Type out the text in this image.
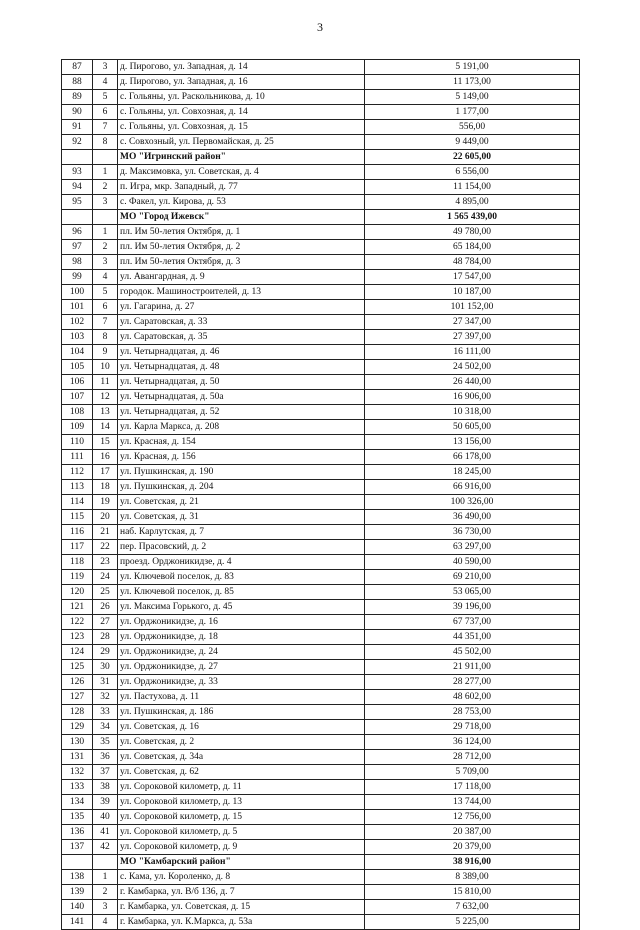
3
87	3	д. Пирогово, ул. Западная, д. 14	5 191,00
88	4	д. Пирогово, ул. Западная, д. 16	11 173,00
89	5	с. Гольяны, ул. Раскольникова, д. 10	5 149,00
90	6	с. Гольяны, ул. Совхозная, д. 14	1 177,00
91	7	с. Гольяны, ул. Совхозная, д. 15	556,00
92	8	с. Совхозный, ул. Первомайская, д. 25	9 449,00
		МО "Игринский район"	22 605,00
93	1	д. Максимовка, ул. Советская, д. 4	6 556,00
94	2	п. Игра, мкр. Западный, д. 77	11 154,00
95	3	с. Факел, ул. Кирова, д. 53	4 895,00
		МО "Город Ижевск"	1 565 439,00
96	1	пл. Им 50-летия Октября, д. 1	49 780,00
97	2	пл. Им 50-летия Октября, д. 2	65 184,00
98	3	пл. Им 50-летия Октября, д. 3	48 784,00
99	4	ул. Авангардная, д. 9	17 547,00
100	5	городок. Машиностроителей, д. 13	10 187,00
101	6	ул. Гагарина, д. 27	101 152,00
102	7	ул. Саратовская, д. 33	27 347,00
103	8	ул. Саратовская, д. 35	27 397,00
104	9	ул. Четырнадцатая, д. 46	16 111,00
105	10	ул. Четырнадцатая, д. 48	24 502,00
106	11	ул. Четырнадцатая, д. 50	26 440,00
107	12	ул. Четырнадцатая, д. 50а	16 906,00
108	13	ул. Четырнадцатая, д. 52	10 318,00
109	14	ул. Карла Маркса, д. 208	50 605,00
110	15	ул. Красная, д. 154	13 156,00
111	16	ул. Красная, д. 156	66 178,00
112	17	ул. Пушкинская, д. 190	18 245,00
113	18	ул. Пушкинская, д. 204	66 916,00
114	19	ул. Советская, д. 21	100 326,00
115	20	ул. Советская, д. 31	36 490,00
116	21	наб. Карлутская, д. 7	36 730,00
117	22	пер. Прасовский, д. 2	63 297,00
118	23	проезд. Орджоникидзе, д. 4	40 590,00
119	24	ул. Ключевой поселок, д. 83	69 210,00
120	25	ул. Ключевой поселок, д. 85	53 065,00
121	26	ул. Максима Горького, д. 45	39 196,00
122	27	ул. Орджоникидзе, д. 16	67 737,00
123	28	ул. Орджоникидзе, д. 18	44 351,00
124	29	ул. Орджоникидзе, д. 24	45 502,00
125	30	ул. Орджоникидзе, д. 27	21 911,00
126	31	ул. Орджоникидзе, д. 33	28 277,00
127	32	ул. Пастухова, д. 11	48 602,00
128	33	ул. Пушкинская, д. 186	28 753,00
129	34	ул. Советская, д. 16	29 718,00
130	35	ул. Советская, д. 2	36 124,00
131	36	ул. Советская, д. 34а	28 712,00
132	37	ул. Советская, д. 62	5 709,00
133	38	ул. Сороковой километр, д. 11	17 118,00
134	39	ул. Сороковой километр, д. 13	13 744,00
135	40	ул. Сороковой километр, д. 15	12 756,00
136	41	ул. Сороковой километр, д. 5	20 387,00
137	42	ул. Сороковой километр, д. 9	20 379,00
		МО "Камбарский район"	38 916,00
138	1	с. Кама, ул. Короленко, д. 8	8 389,00
139	2	г. Камбарка, ул. В/б 136, д. 7	15 810,00
140	3	г. Камбарка, ул. Советская, д. 15	7 632,00
141	4	г. Камбарка, ул. К.Маркса, д. 53а	5 225,00
